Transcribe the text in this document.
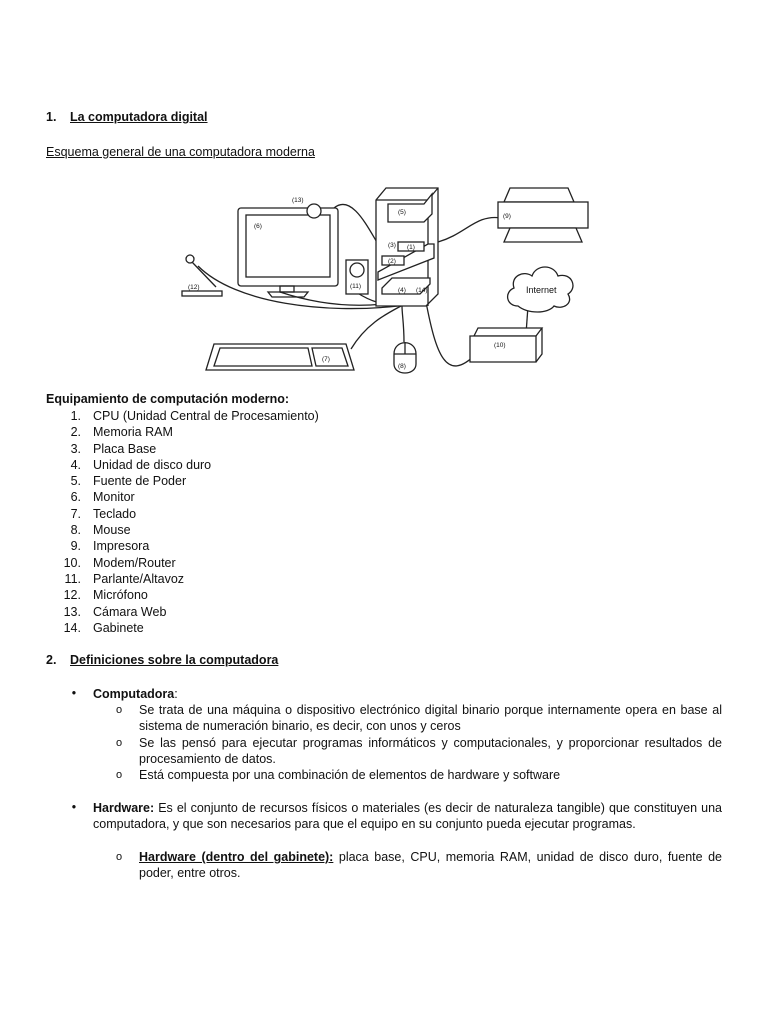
1. La computadora digital
Esquema general de una computadora moderna
(1)
(2)
(3)
(4)
(5)
(6)
(7)
(8)
(9)
(10)
(11)
(12)
(13)
(14)	Internet
Equipamiento de computación moderno:
1. CPU (Unidad Central de Procesamiento)
2. Memoria RAM
3. Placa Base
4. Unidad de disco duro
5. Fuente de Poder
6. Monitor
7. Teclado
8. Mouse
9. Impresora
10. Modem/Router
11. Parlante/Altavoz
12. Micrófono
13. Cámara Web
14. Gabinete
2. Definiciones sobre la computadora
• Computadora:
o Se trata de una máquina o dispositivo electrónico digital binario porque internamente opera en base al sistema de numeración binario, es decir, con unos y ceros
o Se las pensó para ejecutar programas informáticos y computacionales, y proporcionar resultados de procesamiento de datos.
o Está compuesta por una combinación de elementos de hardware y software
• Hardware: Es el conjunto de recursos físicos o materiales (es decir de naturaleza tangible) que constituyen una computadora, y que son necesarios para que el equipo en su conjunto pueda ejecutar programas.
o Hardware (dentro del gabinete): placa base, CPU, memoria RAM, unidad de disco duro, fuente de poder, entre otros.
